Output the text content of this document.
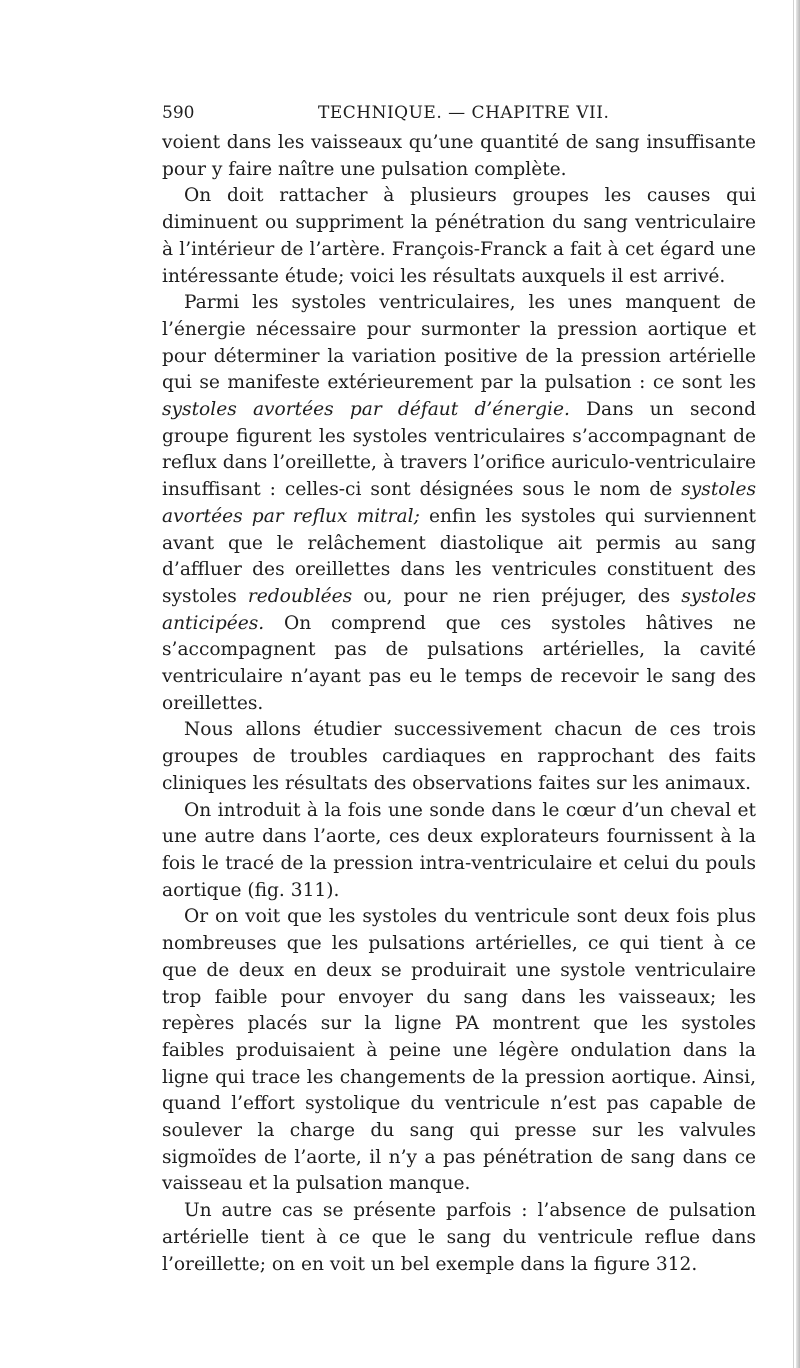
590	TECHNIQUE. — CHAPITRE VII.

voient dans les vaisseaux qu’une quantité de sang insuffisante pour y faire naître une pulsation complète.

On doit rattacher à plusieurs groupes les causes qui diminuent ou suppriment la pénétration du sang ventriculaire à l’intérieur de l’artère. François-Franck a fait à cet égard une intéressante étude; voici les résultats auxquels il est arrivé.

Parmi les systoles ventriculaires, les unes manquent de l’énergie nécessaire pour surmonter la pression aortique et pour déterminer la variation positive de la pression artérielle qui se manifeste extérieurement par la pulsation : ce sont les systoles avortées par défaut d’énergie. Dans un second groupe figurent les systoles ventriculaires s’accompagnant de reflux dans l’oreillette, à travers l’orifice auriculo-ventriculaire insuffisant : celles-ci sont désignées sous le nom de systoles avortées par reflux mitral; enfin les systoles qui surviennent avant que le relâchement diastolique ait permis au sang d’affluer des oreillettes dans les ventricules constituent des systoles redoublées ou, pour ne rien préjuger, des systoles anticipées. On comprend que ces systoles hâtives ne s’accompagnent pas de pulsations artérielles, la cavité ventriculaire n’ayant pas eu le temps de recevoir le sang des oreillettes.

Nous allons étudier successivement chacun de ces trois groupes de troubles cardiaques en rapprochant des faits cliniques les résultats des observations faites sur les animaux.

On introduit à la fois une sonde dans le cœur d’un cheval et une autre dans l’aorte, ces deux explorateurs fournissent à la fois le tracé de la pression intra-ventriculaire et celui du pouls aortique (fig. 311).

Or on voit que les systoles du ventricule sont deux fois plus nombreuses que les pulsations artérielles, ce qui tient à ce que de deux en deux se produirait une systole ventriculaire trop faible pour envoyer du sang dans les vaisseaux; les repères placés sur la ligne PA montrent que les systoles faibles produisaient à peine une légère ondulation dans la ligne qui trace les changements de la pression aortique. Ainsi, quand l’effort systolique du ventricule n’est pas capable de soulever la charge du sang qui presse sur les valvules sigmoïdes de l’aorte, il n’y a pas pénétration de sang dans ce vaisseau et la pulsation manque.

Un autre cas se présente parfois : l’absence de pulsation artérielle tient à ce que le sang du ventricule reflue dans l’oreillette; on en voit un bel exemple dans la figure 312.
